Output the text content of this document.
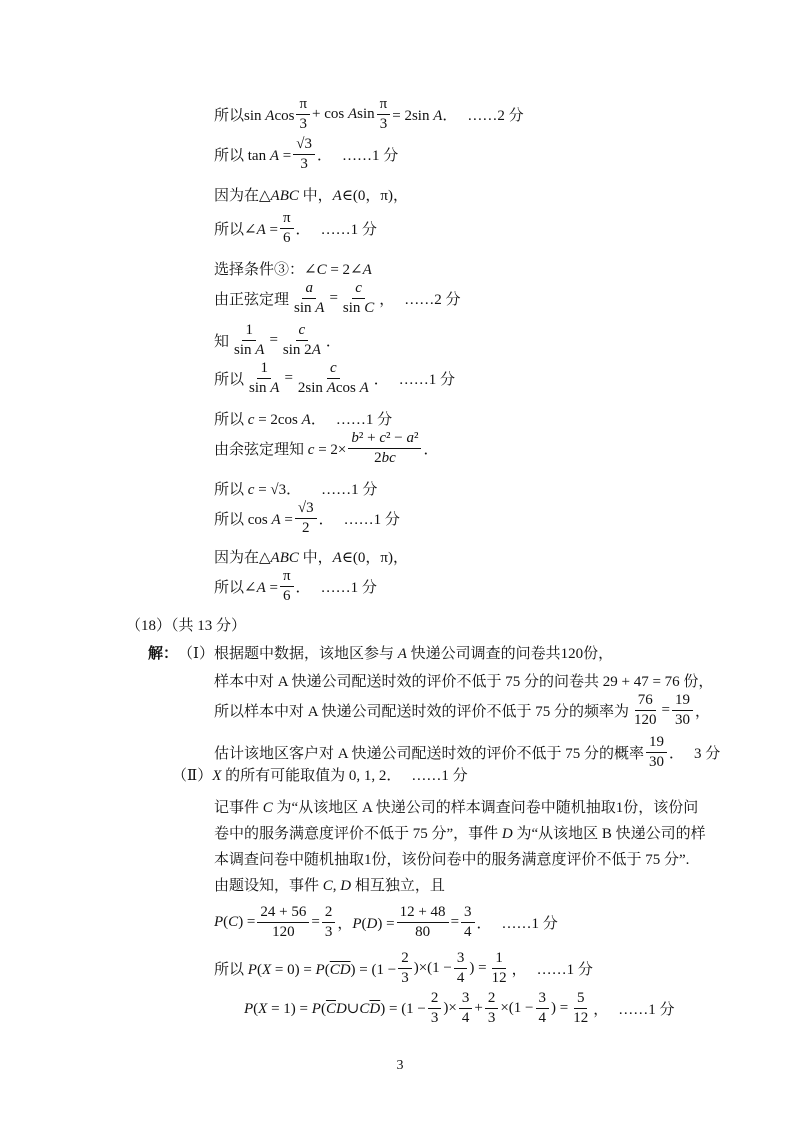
所以sin Acos $\frac{\pi}{3} + \cos Asin \frac{\pi}{3} = 2\sin$ A． ……2 分
所以 $\tan A = \frac{√3}{3}$ ． ……1 分
因为在△ABC 中，A∈(0，π)，
所以∠A = $\frac{\pi}{6}$ ． ……1 分
选择条件③：∠C = 2∠A
由正弦定理 $\frac{a}{\text{sin A}} = \frac{c}{\text{sin C}}$ ， ……2 分
知 $\frac{1}{\text{sin A}} = \frac{c}{\sin 2A}$ ．
所以 $\frac{1}{\text{sin A}} = \frac{c}{\text{2sin Acos A}}$ ． ……1 分
所以 c = 2cos A． ……1 分
由余弦定理知 $c = 2\times \frac{\text{b² + c² − a²}}{2bc}$ ．
所以 c = √3． ……1 分
所以 $\cos A = \frac{√3}{2}$ ． ……1 分
因为在△ABC 中，A∈(0，π)，
所以∠A = $\frac{\pi}{6}$ ． ……1 分
（18）（共 13 分）
解： （Ⅰ）根据题中数据，该地区参与 A 快递公司调查的问卷共120份，
样本中对 A 快递公司配送时效的评价不低于 75 分的问卷共 29 + 47 = 76 份，
所以样本中对 A 快递公司配送时效的评价不低于 75 分的频率为 $\frac{76}{120} = \frac{19}{30}$ ，
估计该地区客户对 A 快递公司配送时效的评价不低于 75 分的概率 $\frac{19}{30}$ ． 3 分
（Ⅱ）X 的所有可能取值为 0, 1, 2． ……1 分
记事件 C 为“从该地区 A 快递公司的样本调查问卷中随机抽取1份，该份问
卷中的服务满意度评价不低于 75 分”，事件 D 为“从该地区 B 快递公司的样
本调查问卷中随机抽取1份，该份问卷中的服务满意度评价不低于 75 分”.
由题设知，事件 C, D 相互独立，且
$P(C) = \frac{24 + 56}{120} = \frac{2}{3}$ ，$P(D) = \frac{12 + 48}{80} = \frac{3}{4}$ ． ……1 分
所以 $P(X = 0) = P(\overline{CD}) = (1 - \frac{2}{3} )\times(1 - \frac{3}{4}$ ) = $\frac{1}{12}$ ， ……1 分
$P(X = 1) = P(\overline{C}D\cup C\overline{D}) = (1 - \frac{2}{3}$ )× $\frac{3}{4} + \frac{2}{3} \times(1 - \frac{3}{4}$ ) = $\frac{5}{12}$ ， ……1 分
3
